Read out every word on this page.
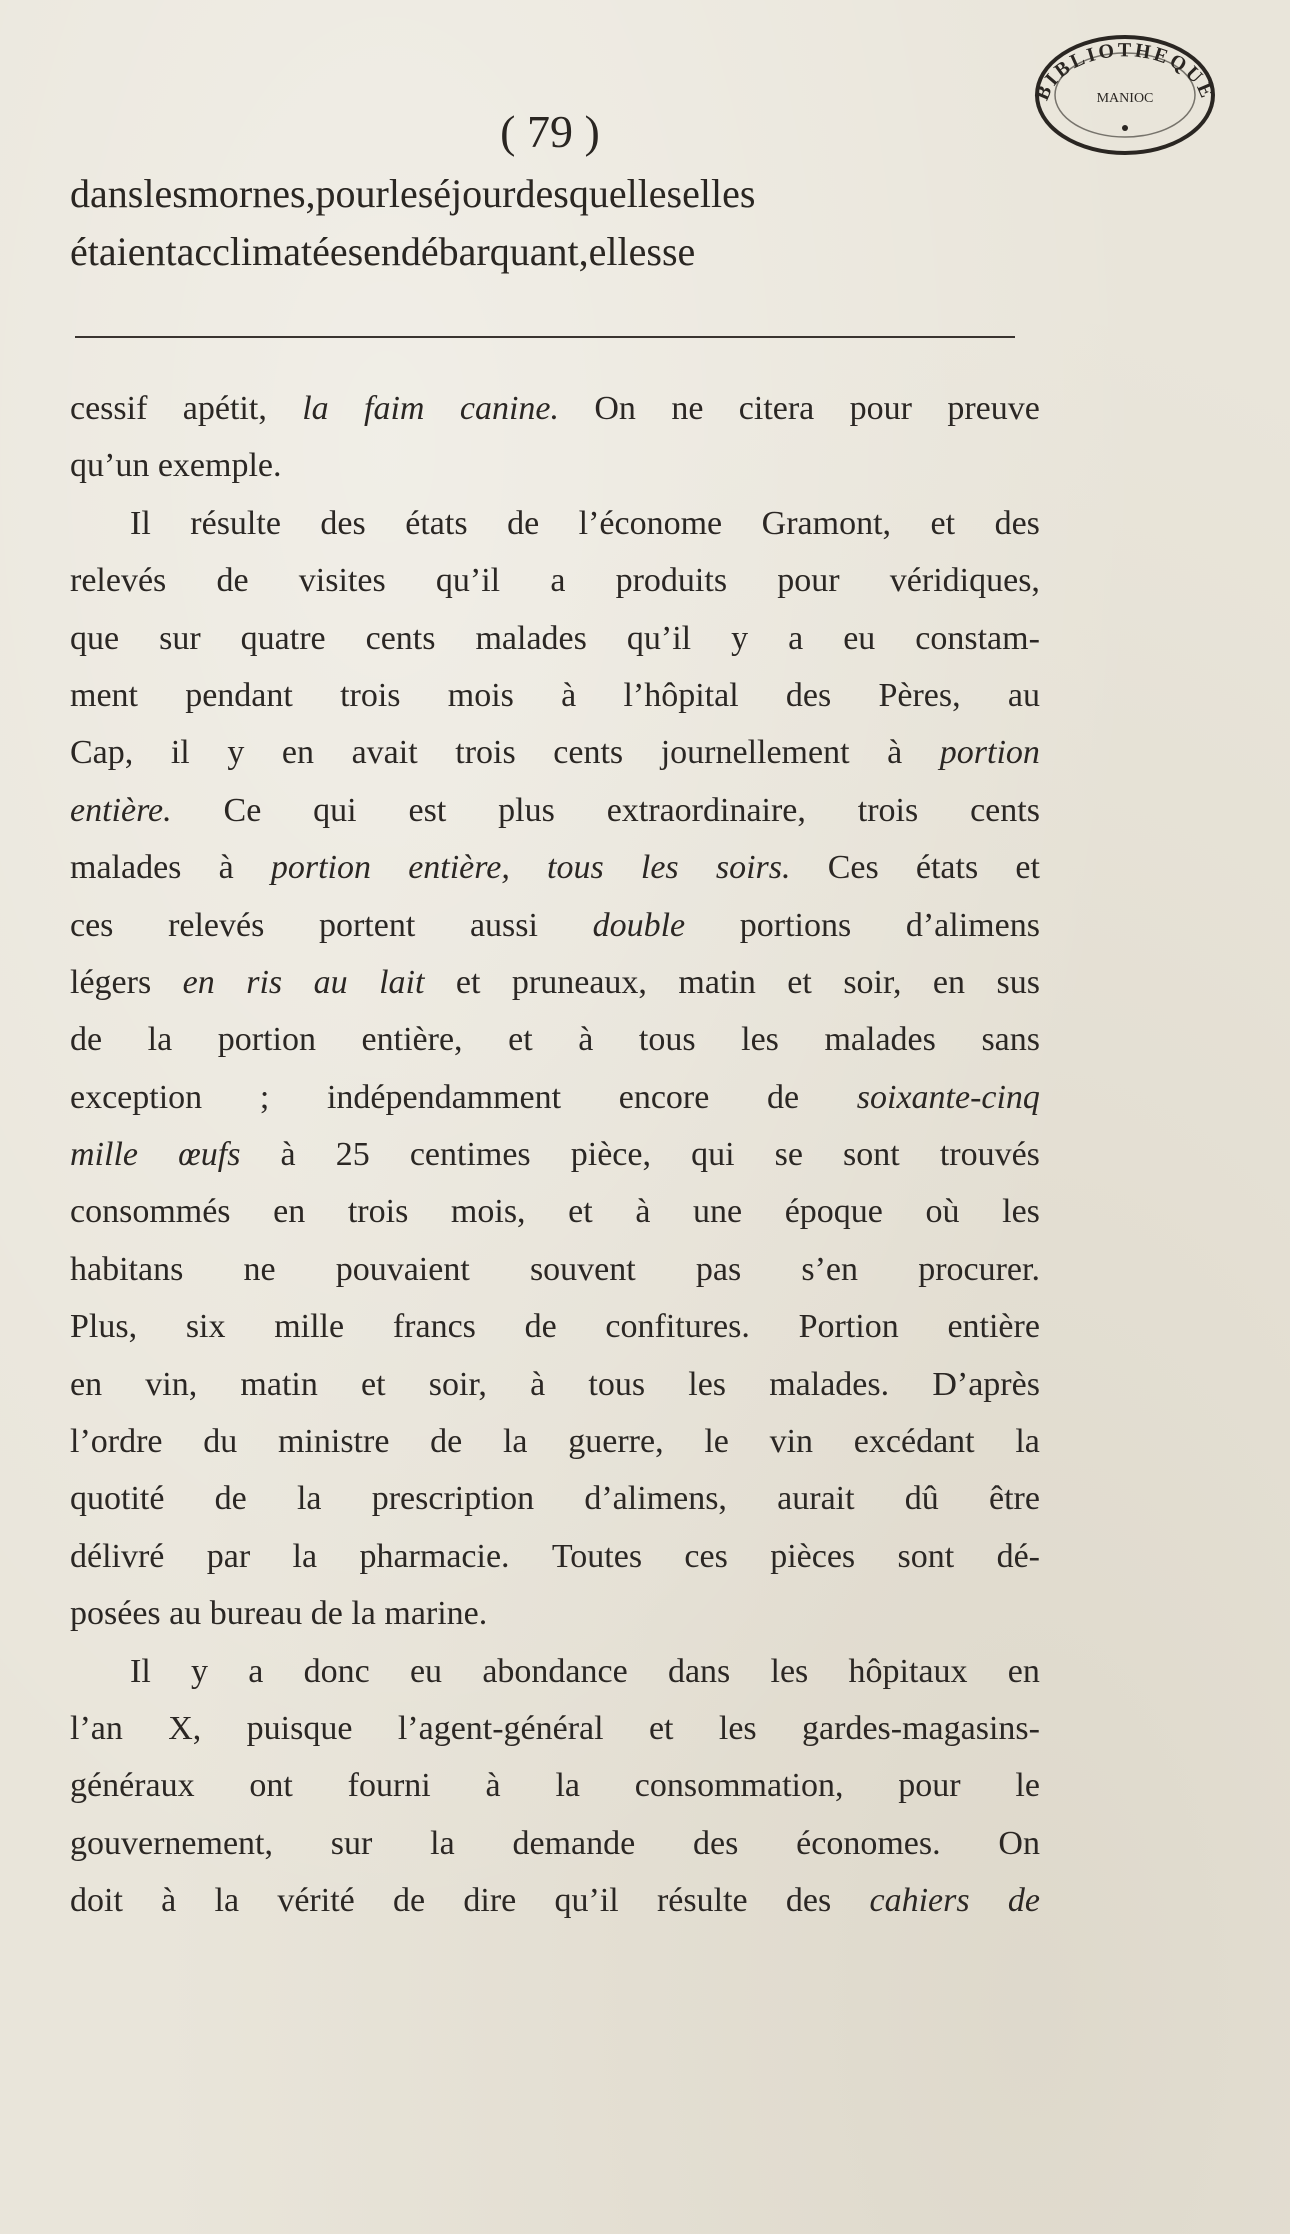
BIBLIOTHEQUE
MANIOC
( 79 )
danslesmornes,pourleséjourdesquelleselles
étaientacclimatéesendébarquant,ellesse
cessif apétit, la faim canine. On ne citera pour preuve
qu’un exemple.
Il résulte des états de l’économe Gramont, et des
relevés de visites qu’il a produits pour véridiques,
que sur quatre cents malades qu’il y a eu constam-
ment pendant trois mois à l’hôpital des Pères, au
Cap, il y en avait trois cents journellement à portion
entière. Ce qui est plus extraordinaire, trois cents
malades à portion entière, tous les soirs. Ces états et
ces relevés portent aussi double portions d’alimens
légers en ris au lait et pruneaux, matin et soir, en sus
de la portion entière, et à tous les malades sans
exception ; indépendamment encore de soixante-cinq
mille œufs à 25 centimes pièce, qui se sont trouvés
consommés en trois mois, et à une époque où les
habitans ne pouvaient souvent pas s’en procurer.
Plus, six mille francs de confitures. Portion entière
en vin, matin et soir, à tous les malades. D’après
l’ordre du ministre de la guerre, le vin excédant la
quotité de la prescription d’alimens, aurait dû être
délivré par la pharmacie. Toutes ces pièces sont dé-
posées au bureau de la marine.
Il y a donc eu abondance dans les hôpitaux en
l’an X, puisque l’agent-général et les gardes-magasins-
généraux ont fourni à la consommation, pour le
gouvernement, sur la demande des économes. On
doit à la vérité de dire qu’il résulte des cahiers de
